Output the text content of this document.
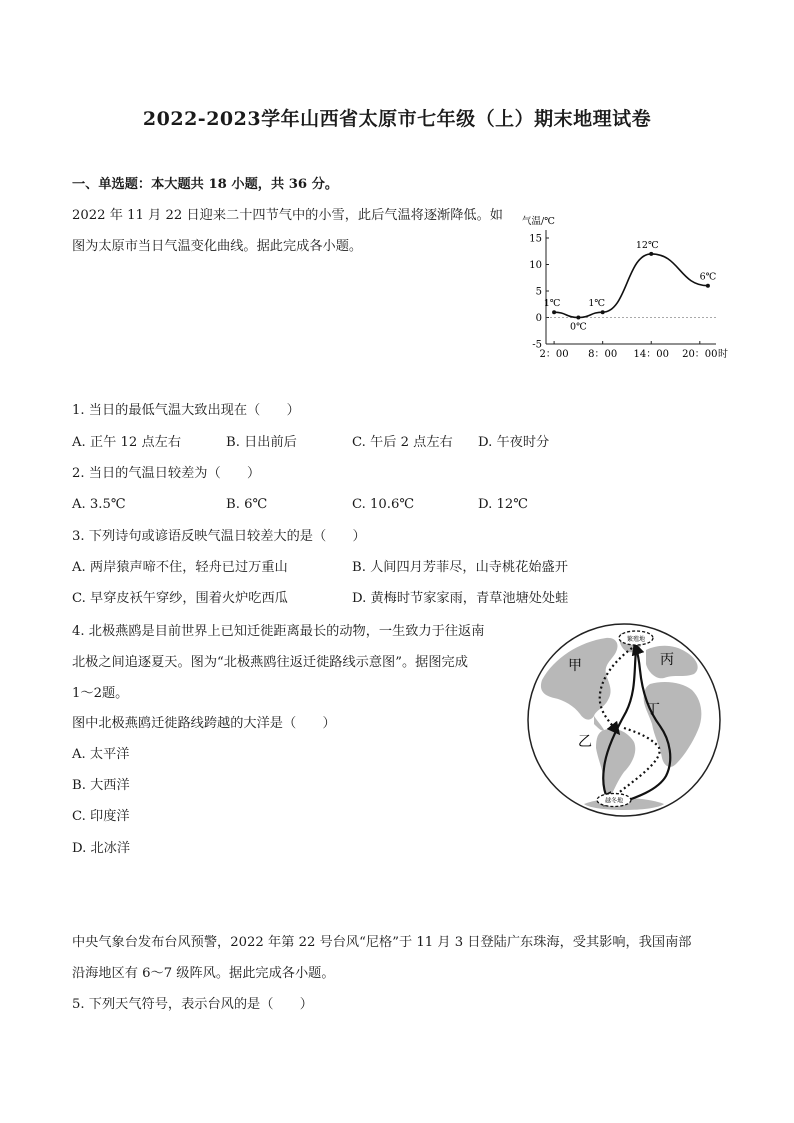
2022-2023学年山西省太原市七年级（上）期末地理试卷
一、单选题：本大题共 18 小题，共 36 分。
2022 年 11 月 22 日迎来二十四节气中的小雪，此后气温将逐渐降低。如
图为太原市当日气温变化曲线。据此完成各小题。
气温/℃
15
10
5
0
-5
2：00 8：00 14：00 20：00 时
1℃
0℃
1℃
12℃
6℃
1. 当日的最低气温大致出现在（　　）
A. 正午 12 点左右	B. 日出前后	C. 午后 2 点左右 D. 午夜时分
2. 当日的气温日较差为（　　）
A. 3.5℃	B. 6℃	C. 10.6℃	D. 12℃
3. 下列诗句或谚语反映气温日较差大的是（　　）
A. 两岸猿声啼不住，轻舟已过万重山	B. 人间四月芳菲尽，山寺桃花始盛开
C. 早穿皮袄午穿纱，围着火炉吃西瓜	D. 黄梅时节家家雨，青草池塘处处蛙
4. 北极燕鸥是目前世界上已知迁徙距离最长的动物，一生致力于往返南
北极之间追逐夏天。图为“北极燕鸥往返迁徙路线示意图”。据图完成
1～2题。
图中北极燕鸥迁徙路线跨越的大洋是（　　）
A. 太平洋
B. 大西洋
C. 印度洋
D. 北冰洋
繁殖地
越冬地
甲
乙
丙
丁
中央气象台发布台风预警，2022 年第 22 号台风“尼格”于 11 月 3 日登陆广东珠海，受其影响，我国南部
沿海地区有 6～7 级阵风。据此完成各小题。
5. 下列天气符号，表示台风的是（　　）
